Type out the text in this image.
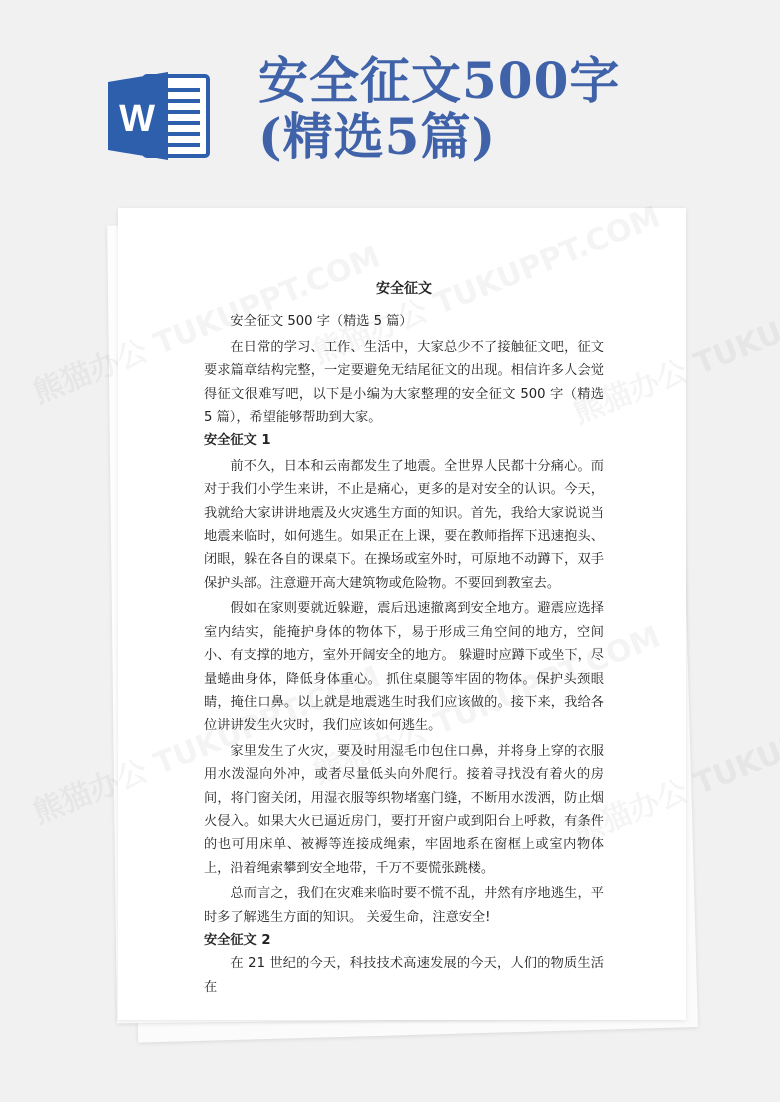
W
安全征文500字
(精选5篇)

安全征文

安全征文 500 字（精选 5 篇）

在日常的学习、工作、生活中，大家总少不了接触征文吧，征文要求篇章结构完整，一定要避免无结尾征文的出现。相信许多人会觉得征文很难写吧，以下是小编为大家整理的安全征文 500 字（精选 5 篇），希望能够帮助到大家。

安全征文 1

前不久，日本和云南都发生了地震。全世界人民都十分痛心。而对于我们小学生来讲，不止是痛心，更多的是对安全的认识。今天，我就给大家讲讲地震及火灾逃生方面的知识。首先，我给大家说说当地震来临时，如何逃生。如果正在上课，要在教师指挥下迅速抱头、闭眼，躲在各自的课桌下。在操场或室外时，可原地不动蹲下，双手保护头部。注意避开高大建筑物或危险物。不要回到教室去。

假如在家则要就近躲避，震后迅速撤离到安全地方。避震应选择室内结实，能掩护身体的物体下，易于形成三角空间的地方，空间小、有支撑的地方，室外开阔安全的地方。 躲避时应蹲下或坐下，尽量蜷曲身体，降低身体重心。 抓住桌腿等牢固的物体。保护头颈眼睛，掩住口鼻。以上就是地震逃生时我们应该做的。接下来，我给各位讲讲发生火灾时，我们应该如何逃生。

家里发生了火灾，要及时用湿毛巾包住口鼻，并将身上穿的衣服用水泼湿向外冲，或者尽量低头向外爬行。接着寻找没有着火的房间，将门窗关闭，用湿衣服等织物堵塞门缝，不断用水泼洒，防止烟火侵入。如果大火已逼近房门，要打开窗户或到阳台上呼救，有条件的也可用床单、被褥等连接成绳索，牢固地系在窗框上或室内物体上，沿着绳索攀到安全地带，千万不要慌张跳楼。

总而言之，我们在灾难来临时要不慌不乱，井然有序地逃生，平时多了解逃生方面的知识。 关爱生命，注意安全!

安全征文 2

在 21 世纪的今天，科技技术高速发展的今天，人们的物质生活在
